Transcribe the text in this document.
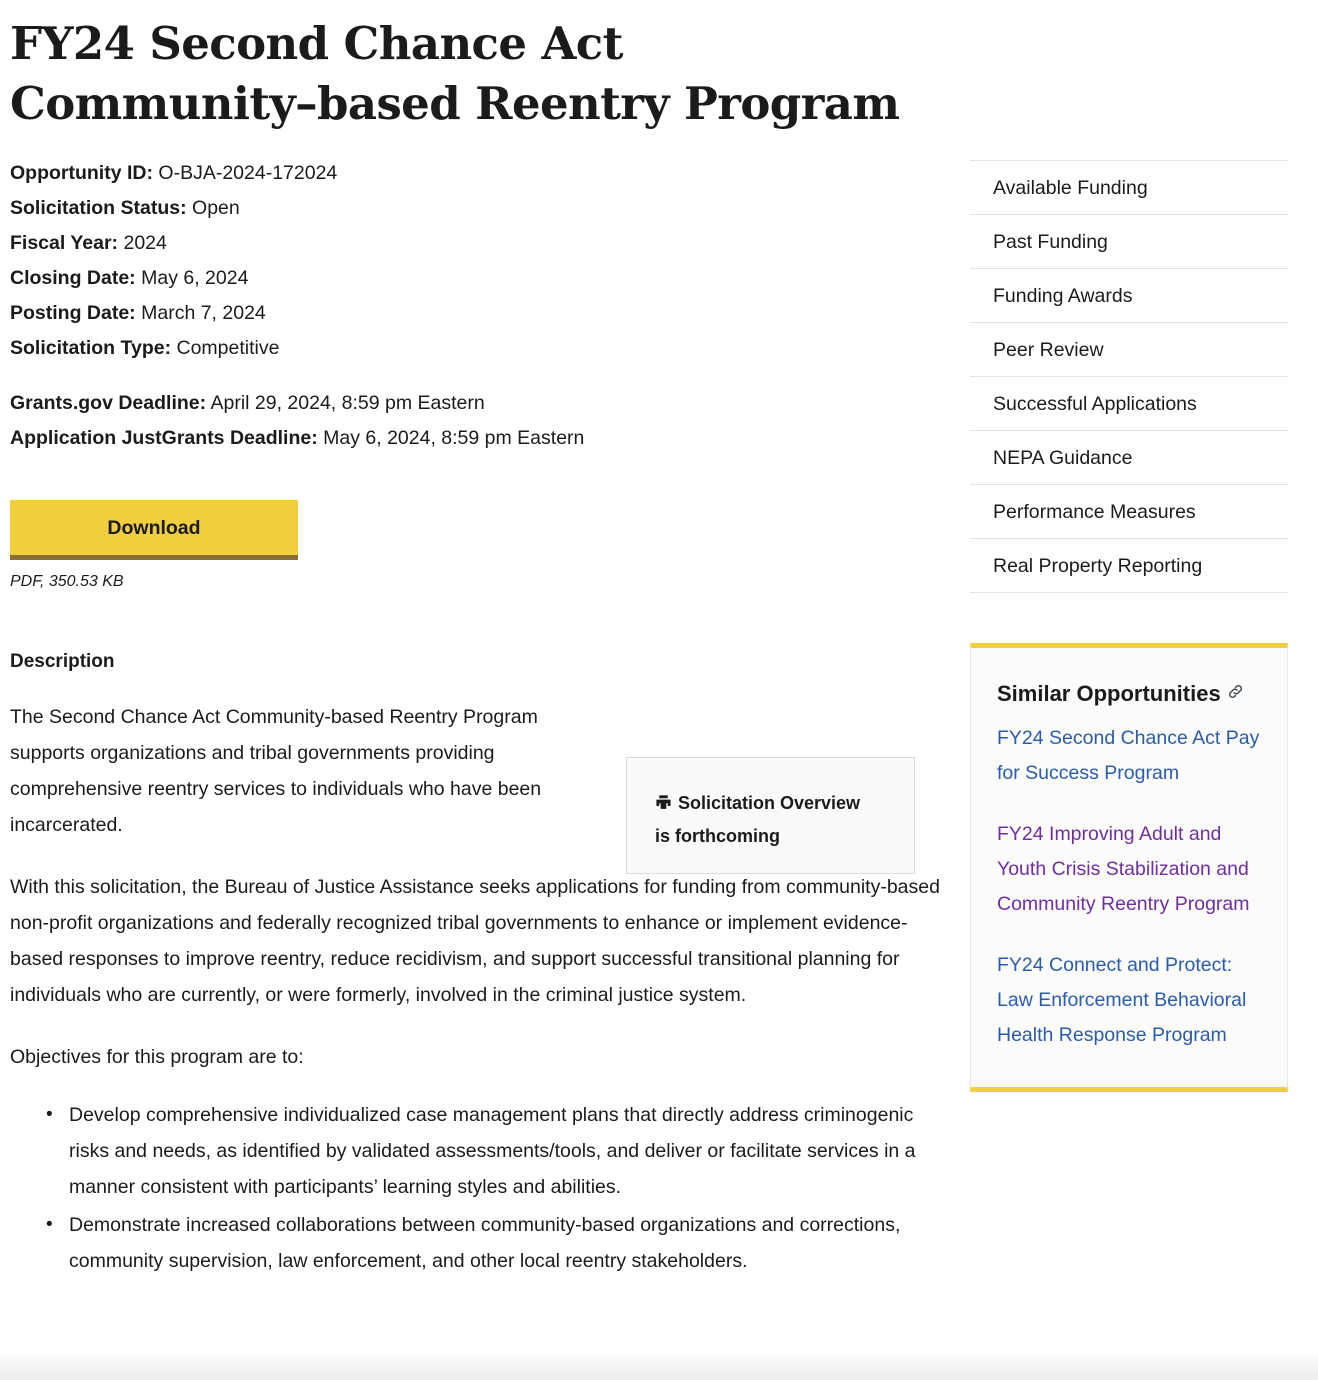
FY24 Second Chance Act Community–based Reentry Program
Opportunity ID: O-BJA-2024-172024
Solicitation Status: Open
Fiscal Year: 2024
Closing Date: May 6, 2024
Posting Date: March 7, 2024
Solicitation Type: Competitive
Grants.gov Deadline: April 29, 2024, 8:59 pm Eastern
Application JustGrants Deadline: May 6, 2024, 8:59 pm Eastern
Download
PDF, 350.53 KB
Description

The Second Chance Act Community-based Reentry Program supports organizations and tribal governments providing comprehensive reentry services to individuals who have been incarcerated.

Solicitation Overview
is forthcoming

With this solicitation, the Bureau of Justice Assistance seeks applications for funding from community-based non-profit organizations and federally recognized tribal governments to enhance or implement evidence-based responses to improve reentry, reduce recidivism, and support successful transitional planning for individuals who are currently, or were formerly, involved in the criminal justice system.

Objectives for this program are to:

• Develop comprehensive individualized case management plans that directly address criminogenic risks and needs, as identified by validated assessments/tools, and deliver or facilitate services in a manner consistent with participants’ learning styles and abilities.
• Demonstrate increased collaborations between community-based organizations and corrections, community supervision, law enforcement, and other local reentry stakeholders.
Available Funding
Past Funding
Funding Awards
Peer Review
Successful Applications
NEPA Guidance
Performance Measures
Real Property Reporting
Similar Opportunities
FY24 Second Chance Act Pay for Success Program
FY24 Improving Adult and Youth Crisis Stabilization and Community Reentry Program
FY24 Connect and Protect: Law Enforcement Behavioral Health Response Program
